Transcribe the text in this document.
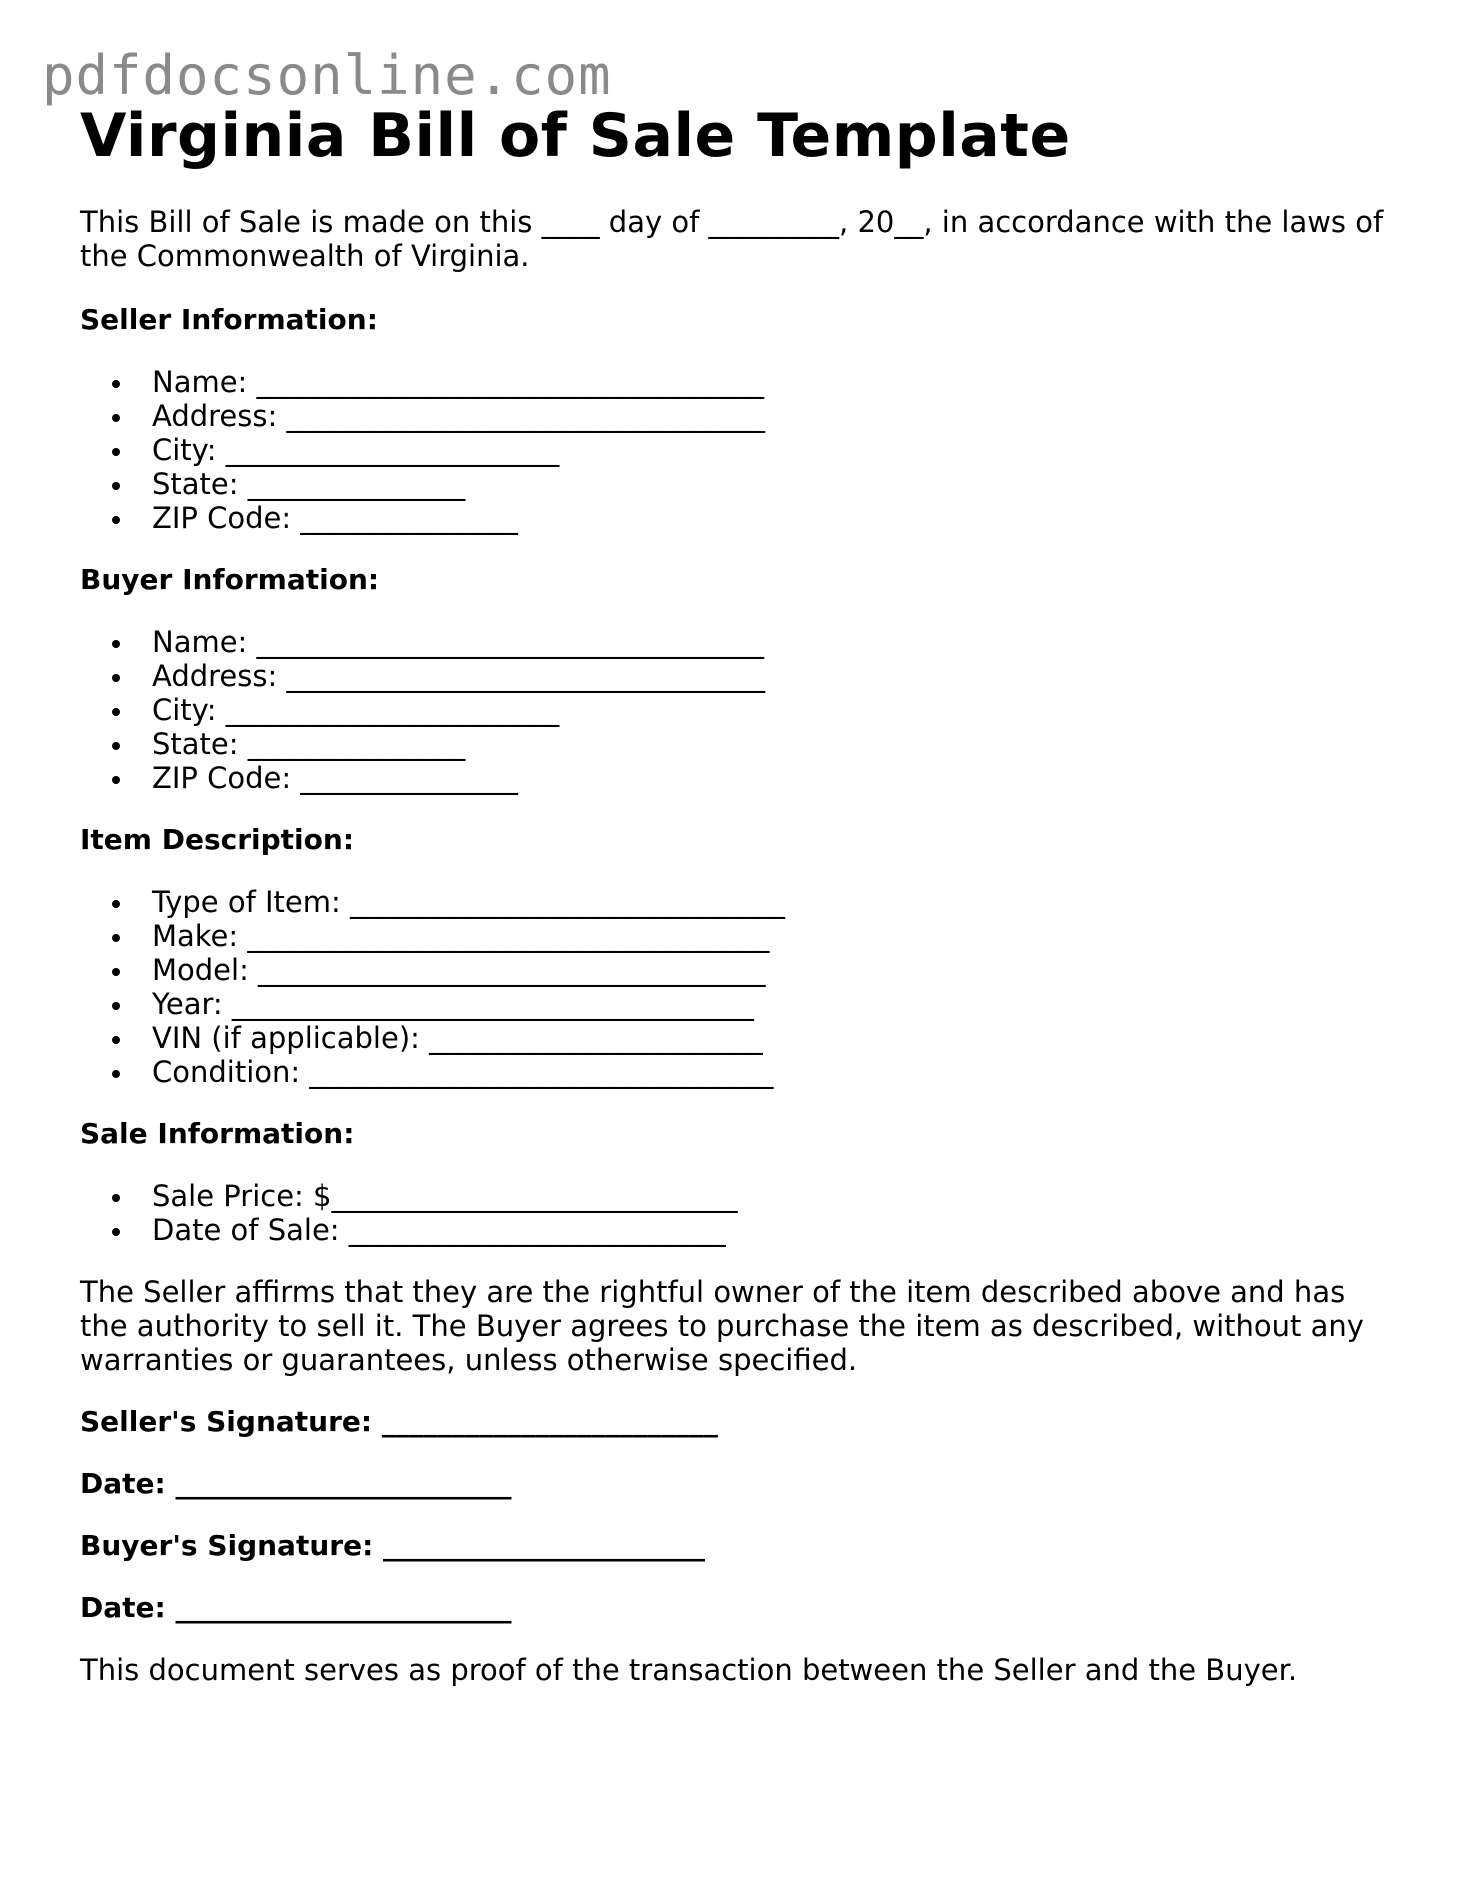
pdfdocsonline.com
Virginia Bill of Sale Template

This Bill of Sale is made on this ____ day of _________, 20__, in accordance with the laws of the Commonwealth of Virginia.

Seller Information:

Name: ___________________________________
Address: _________________________________
City: _______________________
State: _______________
ZIP Code: _______________

Buyer Information:

Name: ___________________________________
Address: _________________________________
City: _______________________
State: _______________
ZIP Code: _______________

Item Description:

Type of Item: ______________________________
Make: ____________________________________
Model: ___________________________________
Year: ____________________________________
VIN (if applicable): _______________________
Condition: ________________________________

Sale Information:

Sale Price: $____________________________
Date of Sale: __________________________

The Seller affirms that they are the rightful owner of the item described above and has the authority to sell it. The Buyer agrees to purchase the item as described, without any warranties or guarantees, unless otherwise specified.

Seller's Signature: ________________________

Date: ________________________

Buyer's Signature: _______________________

Date: ________________________

This document serves as proof of the transaction between the Seller and the Buyer.
